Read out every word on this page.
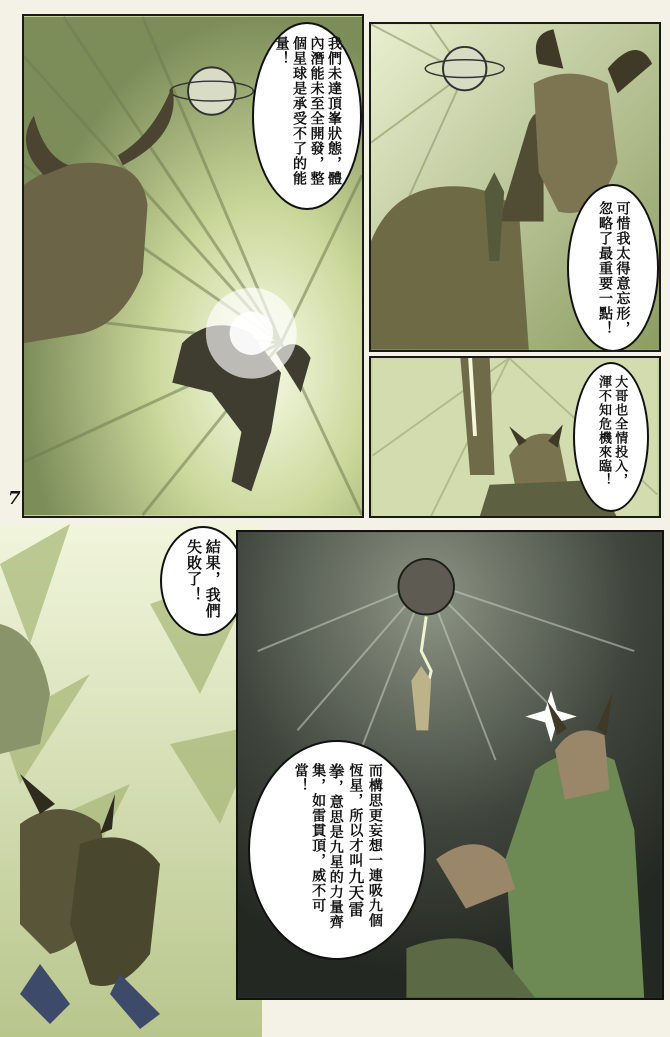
我們未達頂峯狀態，體內潛能未至全開發，整個星球是承受不了的能量！
可惜我太得意忘形，忽略了最重要一點！
大哥也全情投入，渾不知危機來臨！
結果，我們失敗了！
而構思更妄想一連吸九個恆星，所以才叫九天雷拳，意思是九星的力量齊集，如雷貫頂，威不可當！
7
